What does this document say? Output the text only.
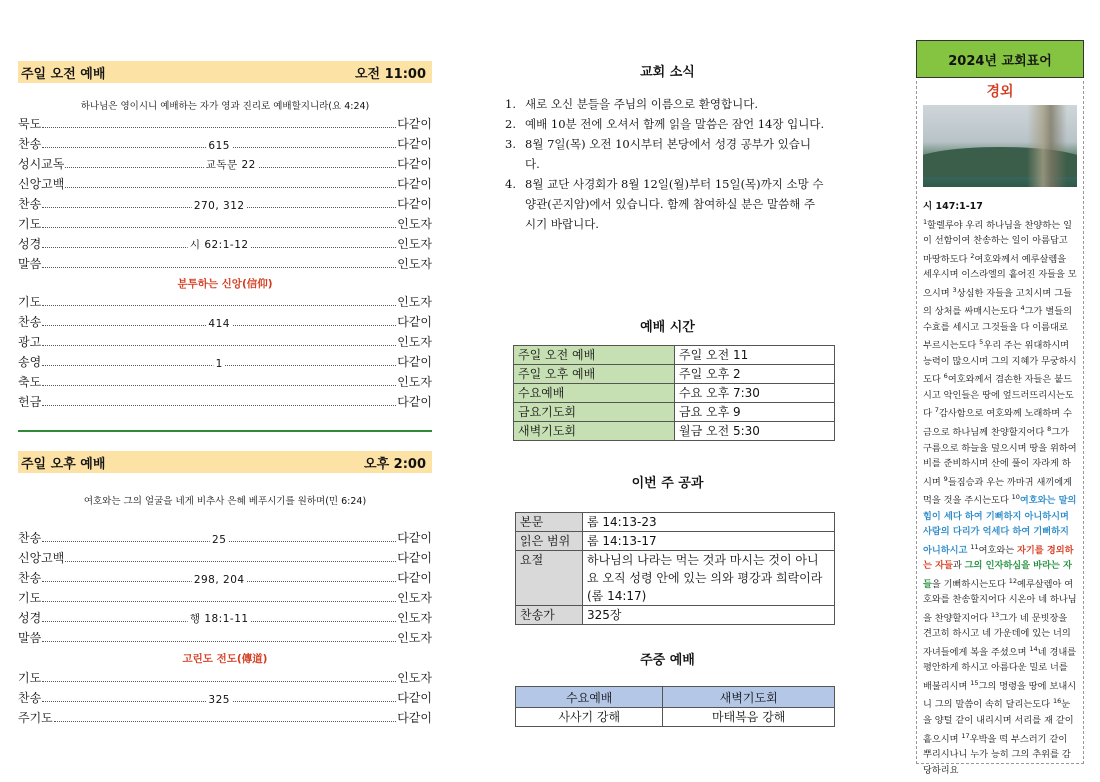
주일 오전 예배	오전 11:00

하나님은 영이시니 예배하는 자가 영과 진리로 예배할지니라(요 4:24)

묵도	다같이
찬송	615	다같이
성시교독	교독문 22	다같이
신앙고백	다같이
찬송	270, 312	다같이
기도	인도자
성경	시 62:1-12	인도자
말씀	인도자
분투하는 신앙(信仰)
기도	인도자
찬송	414	다같이
광고	인도자
송영	1	다같이
축도	인도자
헌금	다같이
주일 오후 예배	오후 2:00

여호와는 그의 얼굴을 네게 비추사 은혜 베푸시기를 원하며(민 6:24)

찬송	25	다같이
신앙고백	다같이
찬송	298, 204	다같이
기도	인도자
성경	행 18:1-11	인도자
말씀	인도자
고린도 전도(傳道)
기도	인도자
찬송	325	다같이
주기도	다같이
교회 소식
1. 새로 오신 분들을 주님의 이름으로 환영합니다.
2. 예배 10분 전에 오셔서 함께 읽을 말씀은 잠언 14장 입니다.
3. 8월 7일(목) 오전 10시부터 본당에서 성경 공부가 있습니다.
4. 8월 교단 사경회가 8월 12일(월)부터 15일(목)까지 소망 수양관(곤지암)에서 있습니다. 함께 참여하실 분은 말씀해 주시기 바랍니다.
예배 시간
주일 오전 예배	주일 오전 11
주일 오후 예배	주일 오후 2
수요예배	수요 오후 7:30
금요기도회	금요 오후 9
새벽기도회	월금 오전 5:30
이번 주 공과
본문	롬 14:13-23
읽은 범위	롬 14:13-17
요절	하나님의 나라는 먹는 것과 마시는 것이 아니요 오직 성령 안에 있는 의와 평강과 희락이라(롬 14:17)
찬송가	325장
주중 예배
수요예배	새벽기도회
사사기 강해	마태복음 강해
2024년 교회표어
경외
시 147:1-17
$^1$할렐루야 우리 하나님을 찬양하는 일이 선함이여 찬송하는 일이 아름답고 마땅하도다 $^2$여호와께서 예루살렘을 세우시며 이스라엘의 흩어진 자들을 모으시며 $^3$상심한 자들을 고치시며 그들의 상처를 싸매시는도다 $^4$그가 별들의 수효를 세시고 그것들을 다 이름대로 부르시는도다 $^5$우리 주는 위대하시며 능력이 많으시며 그의 지혜가 무궁하시도다 $^6$여호와께서 겸손한 자들은 붙드시고 악인들은 땅에 엎드러뜨리시는도다 $^7$감사함으로 여호와께 노래하며 수금으로 하나님께 찬양할지어다 $^8$그가 구름으로 하늘을 덮으시며 땅을 위하여 비를 준비하시며 산에 풀이 자라게 하시며 $^9$들짐승과 우는 까마귀 새끼에게 먹을 것을 주시는도다 $^{10}$여호와는 말의 힘이 세다 하여 기뻐하지 아니하시며 사람의 다리가 억세다 하여 기뻐하지 아니하시고 $^{11}$여호와는 자기를 경외하는 자들과 그의 인자하심을 바라는 자들을 기뻐하시는도다 $^{12}$예루살렘아 여호와를 찬송할지어다 시온아 네 하나님을 찬양할지어다 $^{13}$그가 네 문빗장을 견고히 하시고 네 가운데에 있는 너의 자녀들에게 복을 주셨으며 $^{14}$네 경내를 평안하게 하시고 아름다운 밀로 너를 배불리시며 $^{15}$그의 명령을 땅에 보내시니 그의 말씀이 속히 달리는도다 $^{16}$눈을 양털 같이 내리시며 서리를 재 같이 흩으시며 $^{17}$우박을 떡 부스러기 같이 뿌리시나니 누가 능히 그의 추위를 감당하리요
